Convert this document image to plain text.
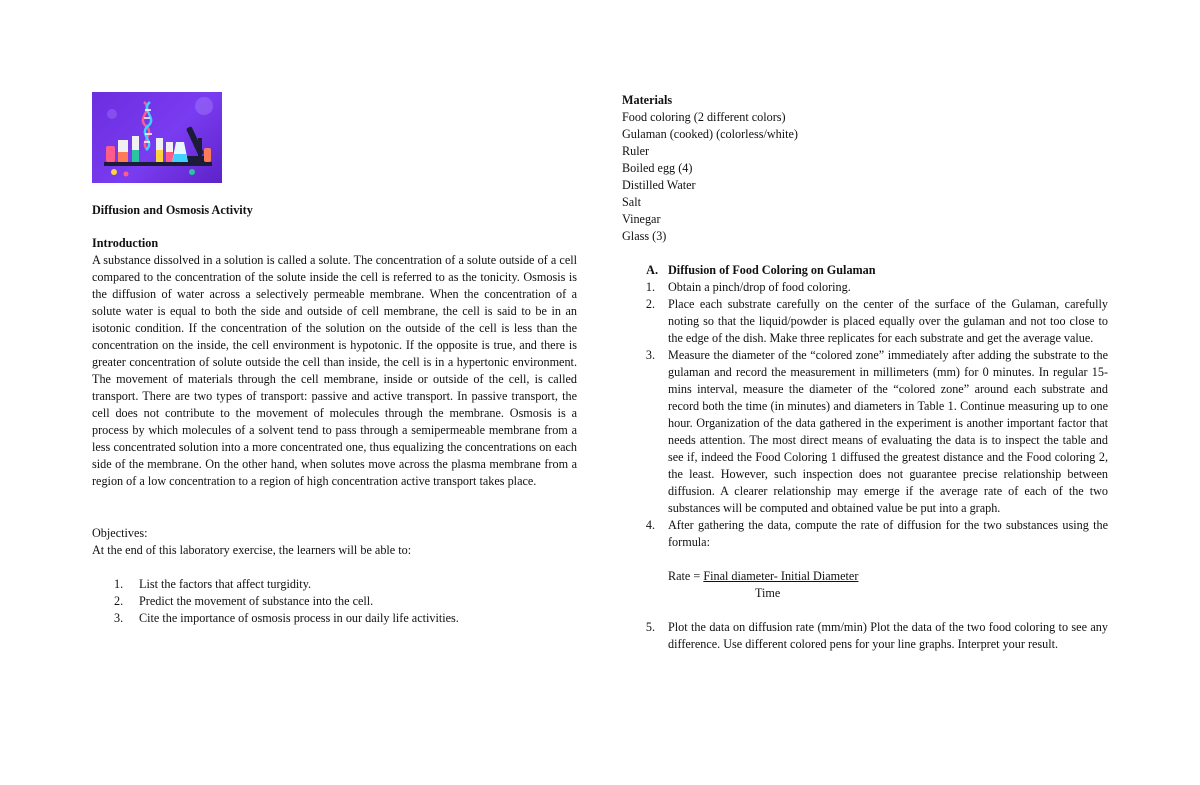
Diffusion and Osmosis Activity
Introduction
A substance dissolved in a solution is called a solute. The concentration of a solute outside of a cell compared to the concentration of the solute inside the cell is referred to as the tonicity. Osmosis is the diffusion of water across a selectively permeable membrane. When the concentration of a solute water is equal to both the side and outside of cell membrane, the cell is said to be in an isotonic condition. If the concentration of the solution on the outside of the cell is less than the concentration on the inside, the cell environment is hypotonic. If the opposite is true, and there is greater concentration of solute outside the cell than inside, the cell is in a hypertonic environment. The movement of materials through the cell membrane, inside or outside of the cell, is called transport. There are two types of transport: passive and active transport. In passive transport, the cell does not contribute to the movement of molecules through the membrane. Osmosis is a process by which molecules of a solvent tend to pass through a semipermeable membrane from a less concentrated solution into a more concentrated one, thus equalizing the concentrations on each side of the membrane. On the other hand, when solutes move across the plasma membrane from a region of a low concentration to a region of high concentration active transport takes place.
Objectives:
At the end of this laboratory exercise, the learners will be able to:
1. List the factors that affect turgidity.
2. Predict the movement of substance into the cell.
3. Cite the importance of osmosis process in our daily life activities.
Materials
Food coloring (2 different colors)
Gulaman (cooked) (colorless/white)
Ruler
Boiled egg (4)
Distilled Water
Salt
Vinegar
Glass (3)
A. Diffusion of Food Coloring on Gulaman
1. Obtain a pinch/drop of food coloring.
2. Place each substrate carefully on the center of the surface of the Gulaman, carefully noting so that the liquid/powder is placed equally over the gulaman and not too close to the edge of the dish. Make three replicates for each substrate and get the average value.
3. Measure the diameter of the “colored zone” immediately after adding the substrate to the gulaman and record the measurement in millimeters (mm) for 0 minutes. In regular 15-mins interval, measure the diameter of the “colored zone” around each substrate and record both the time (in minutes) and diameters in Table 1. Continue measuring up to one hour. Organization of the data gathered in the experiment is another important factor that needs attention. The most direct means of evaluating the data is to inspect the table and see if, indeed the Food Coloring 1 diffused the greatest distance and the Food coloring 2, the least. However, such inspection does not guarantee precise relationship between diffusion. A clearer relationship may emerge if the average rate of each of the two substances will be computed and obtained value be put into a graph.
4. After gathering the data, compute the rate of diffusion for the two substances using the formula:
Rate = Final diameter- Initial Diameter
Time
5. Plot the data on diffusion rate (mm/min) Plot the data of the two food coloring to see any difference. Use different colored pens for your line graphs. Interpret your result.
